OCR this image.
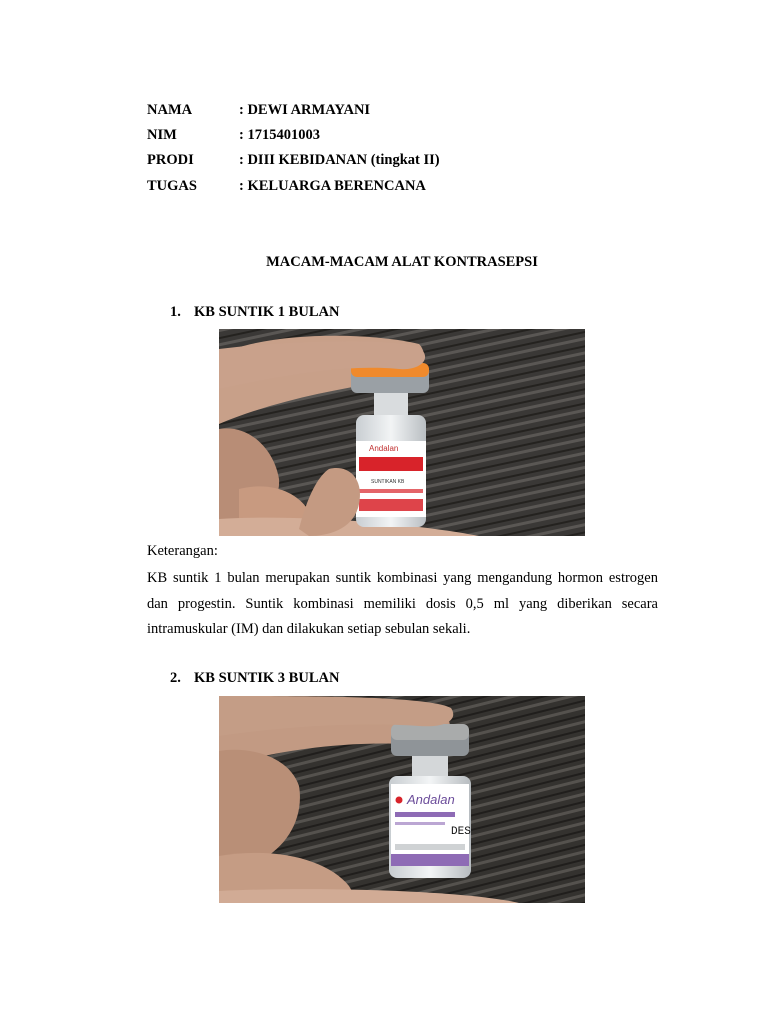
NAMA	: DEWI ARMAYANI
NIM	: 1715401003
PRODI	: DIII KEBIDANAN (tingkat II)
TUGAS	: KELUARGA BERENCANA
MACAM-MACAM ALAT KONTRASEPSI
1. KB SUNTIK 1 BULAN
Andalan
SUNTIKAN KB
Keterangan:

KB suntik 1 bulan merupakan suntik kombinasi yang mengandung hormon estrogen dan progestin. Suntik kombinasi memiliki dosis 0,5 ml yang diberikan secara intramuskular (IM) dan dilakukan setiap sebulan sekali.

2. KB SUNTIK 3 BULAN
Andalan
DES
